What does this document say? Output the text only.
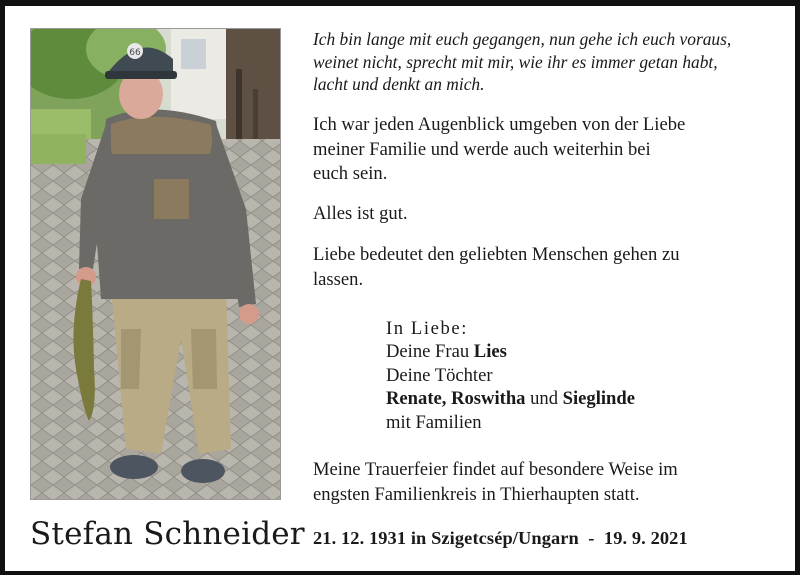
66
Ich bin lange mit euch gegangen, nun gehe ich euch voraus,
weinet nicht, sprecht mit mir, wie ihr es immer getan habt,
lacht und denkt an mich.
Ich war jeden Augenblick umgeben von der Liebe
meiner Familie und werde auch weiterhin bei
euch sein.
Alles ist gut.
Liebe bedeutet den geliebten Menschen gehen zu
lassen.
In Liebe:
Deine Frau Lies
Deine Töchter
Renate, Roswitha und Sieglinde
mit Familien
Meine Trauerfeier findet auf besondere Weise im
engsten Familienkreis in Thierhaupten statt.
Stefan Schneider 21. 12. 1931 in Szigetcsép/Ungarn  -  19. 9. 2021
